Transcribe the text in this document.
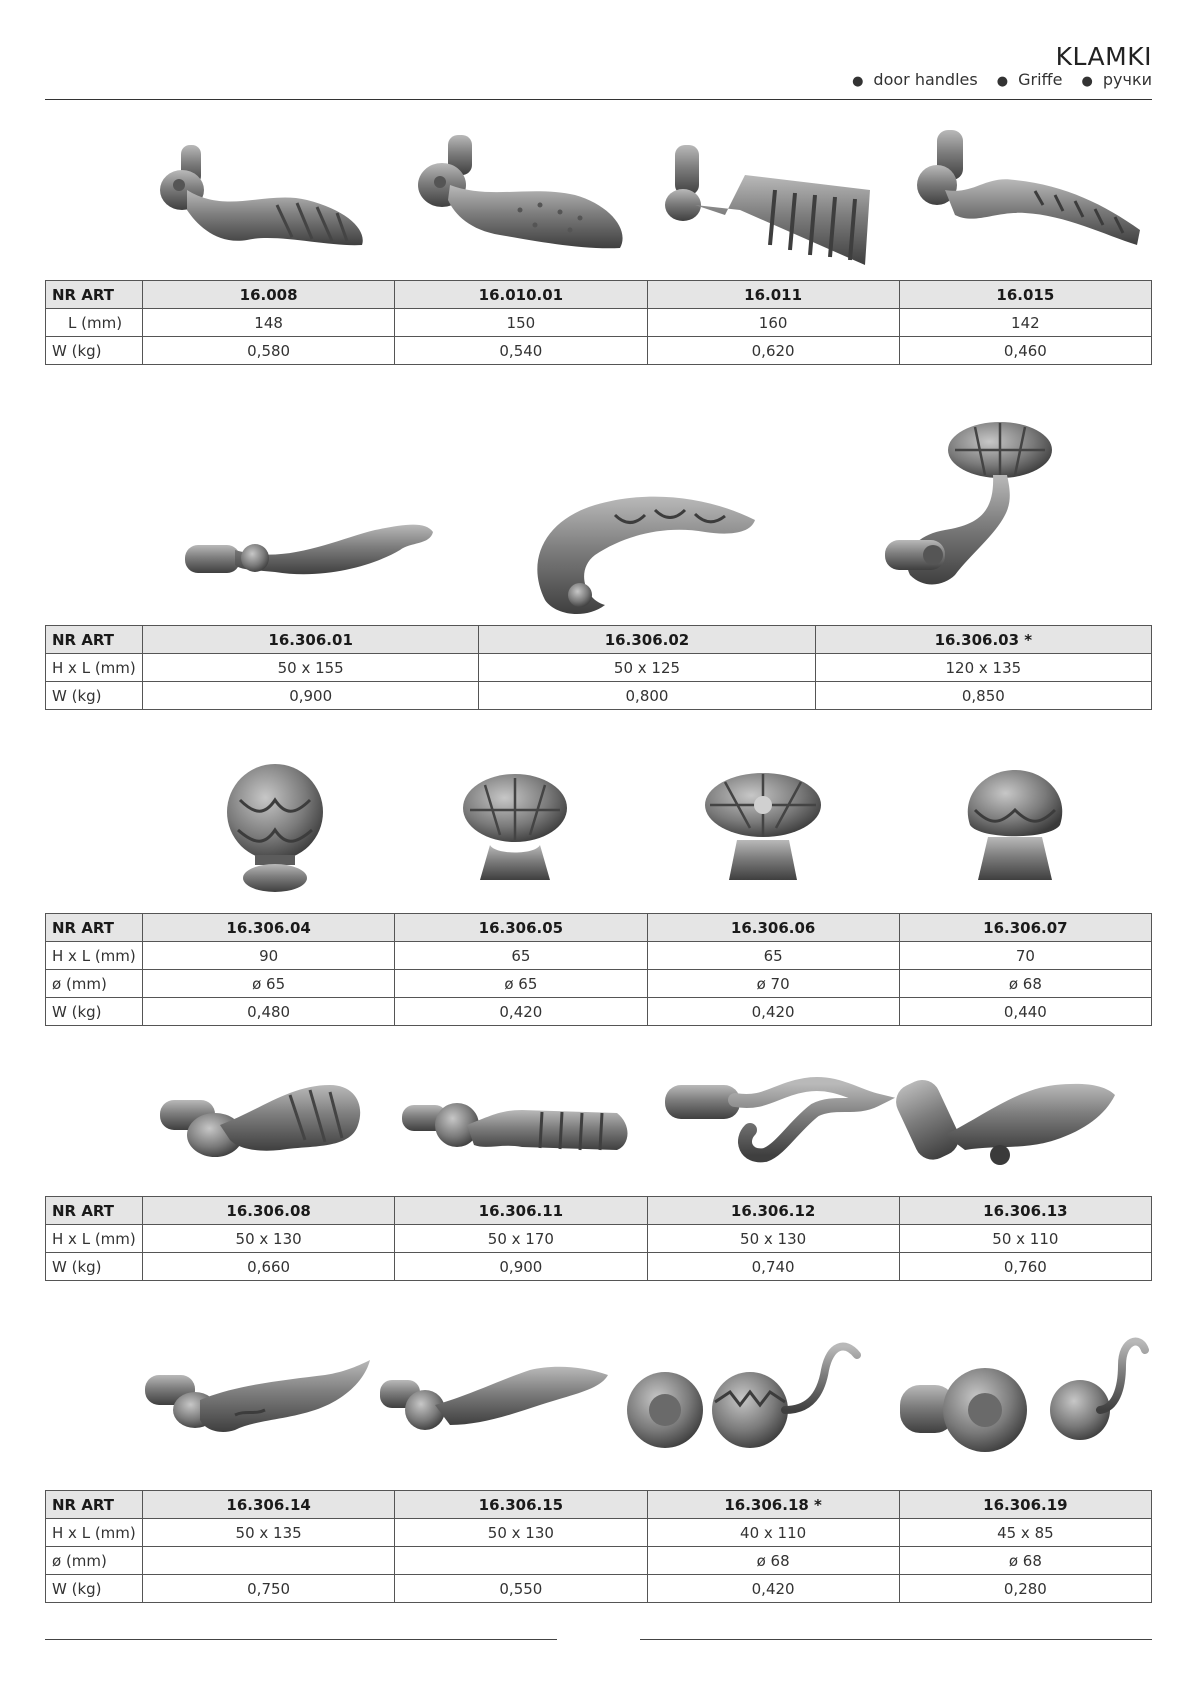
KLAMKI
● door handles ● Griffe ● ручки
NR ART	16.008	16.010.01	16.011	16.015
L (mm)	148	150	160	142
W (kg)	0,580	0,540	0,620	0,460
NR ART	16.306.01	16.306.02	16.306.03 *
H x L (mm)	50 x 155	50 x 125	120 x 135
W (kg)	0,900	0,800	0,850
NR ART	16.306.04	16.306.05	16.306.06	16.306.07
H x L (mm)	90	65	65	70
ø (mm)	ø 65	ø 65	ø 70	ø 68
W (kg)	0,480	0,420	0,420	0,440
NR ART	16.306.08	16.306.11	16.306.12	16.306.13
H x L (mm)	50 x 130	50 x 170	50 x 130	50 x 110
W (kg)	0,660	0,900	0,740	0,760
NR ART	16.306.14	16.306.15	16.306.18 *	16.306.19
H x L (mm)	50 x 135	50 x 130	40 x 110	45 x 85
ø (mm)			ø 68	ø 68
W (kg)	0,750	0,550	0,420	0,280
